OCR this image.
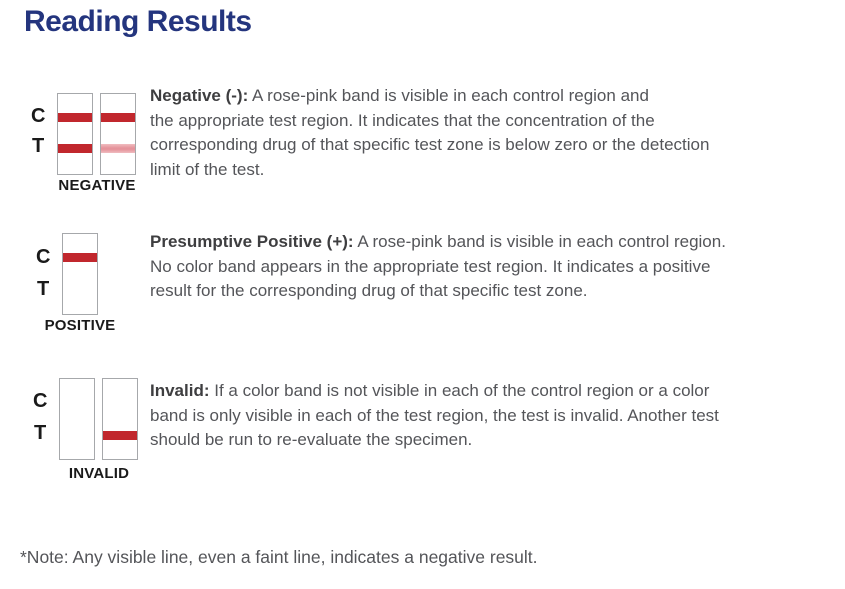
Reading Results
C
T
NEGATIVE

Negative (-): A rose-pink band is visible in each control region and

the appropriate test region. It indicates that the concentration of the

corresponding drug of that specific test zone is below zero or the detection

limit of the test.

C
T
POSITIVE

Presumptive Positive (+): A rose-pink band is visible in each control region.

No color band appears in the appropriate test region. It indicates a positive

result for the corresponding drug of that specific test zone.

C
T
INVALID

Invalid: If a color band is not visible in each of the control region or a color

band is only visible in each of the test region, the test is invalid. Another test

should be run to re-evaluate the specimen.

*Note: Any visible line, even a faint line, indicates a negative result.
